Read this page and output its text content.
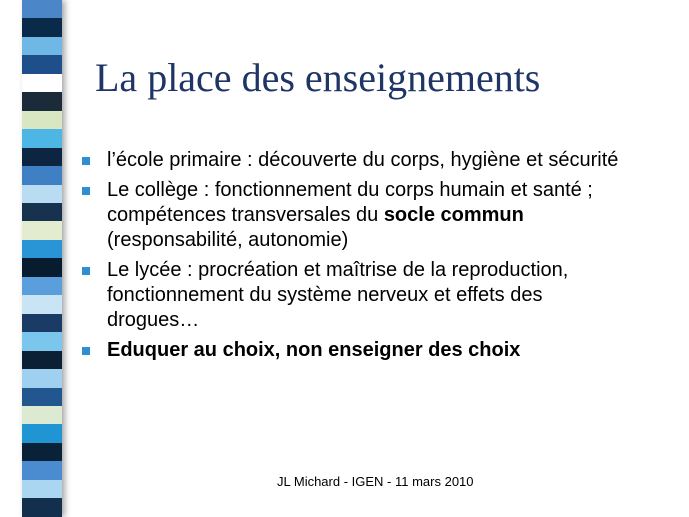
La place des enseignements
l’école primaire : découverte du corps, hygiène et sécurité
Le collège : fonctionnement du corps humain et santé ; compétences transversales du socle commun (responsabilité, autonomie)
Le lycée : procréation et maîtrise de la reproduction, fonctionnement du système nerveux et effets des drogues…
Eduquer au choix, non enseigner des choix
JL Michard - IGEN - 11 mars 2010
